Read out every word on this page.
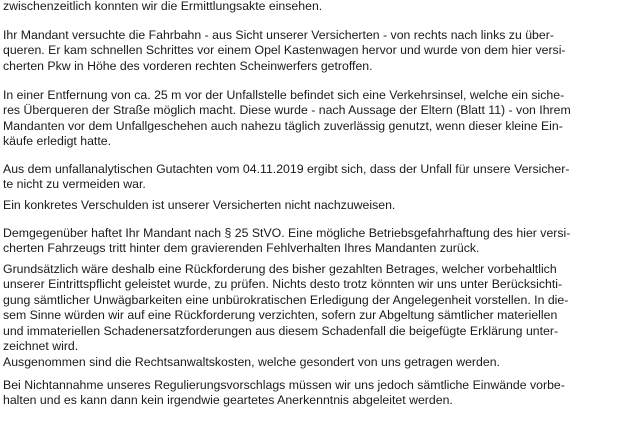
zwischenzeitlich konnten wir die Ermittlungsakte einsehen.
Ihr Mandant versuchte die Fahrbahn - aus Sicht unserer Versicherten - von rechts nach links zu über-
queren. Er kam schnellen Schrittes vor einem Opel Kastenwagen hervor und wurde von dem hier versi-
cherten Pkw in Höhe des vorderen rechten Scheinwerfers getroffen.
In einer Entfernung von ca. 25 m vor der Unfallstelle befindet sich eine Verkehrsinsel, welche ein siche-
res Überqueren der Straße möglich macht. Diese wurde - nach Aussage der Eltern (Blatt 11) - von Ihrem
Mandanten vor dem Unfallgeschehen auch nahezu täglich zuverlässig genutzt, wenn dieser kleine Ein-
käufe erledigt hatte.
Aus dem unfallanalytischen Gutachten vom 04.11.2019 ergibt sich, dass der Unfall für unsere Versicher-
te nicht zu vermeiden war.
Ein konkretes Verschulden ist unserer Versicherten nicht nachzuweisen.
Demgegenüber haftet Ihr Mandant nach § 25 StVO. Eine mögliche Betriebsgefahrhaftung des hier versi-
cherten Fahrzeugs tritt hinter dem gravierenden Fehlverhalten Ihres Mandanten zurück.
Grundsätzlich wäre deshalb eine Rückforderung des bisher gezahlten Betrages, welcher vorbehaltlich
unserer Eintrittspflicht geleistet wurde, zu prüfen. Nichts desto trotz könnten wir uns unter Berücksichti-
gung sämtlicher Unwägbarkeiten eine unbürokratischen Erledigung der Angelegenheit vorstellen. In die-
sem Sinne würden wir auf eine Rückforderung verzichten, sofern zur Abgeltung sämtlicher materiellen
und immateriellen Schadenersatzforderungen aus diesem Schadenfall die beigefügte Erklärung unter-
zeichnet wird.
Ausgenommen sind die Rechtsanwaltskosten, welche gesondert von uns getragen werden.
Bei Nichtannahme unseres Regulierungsvorschlags müssen wir uns jedoch sämtliche Einwände vorbe-
halten und es kann dann kein irgendwie geartetes Anerkenntnis abgeleitet werden.
